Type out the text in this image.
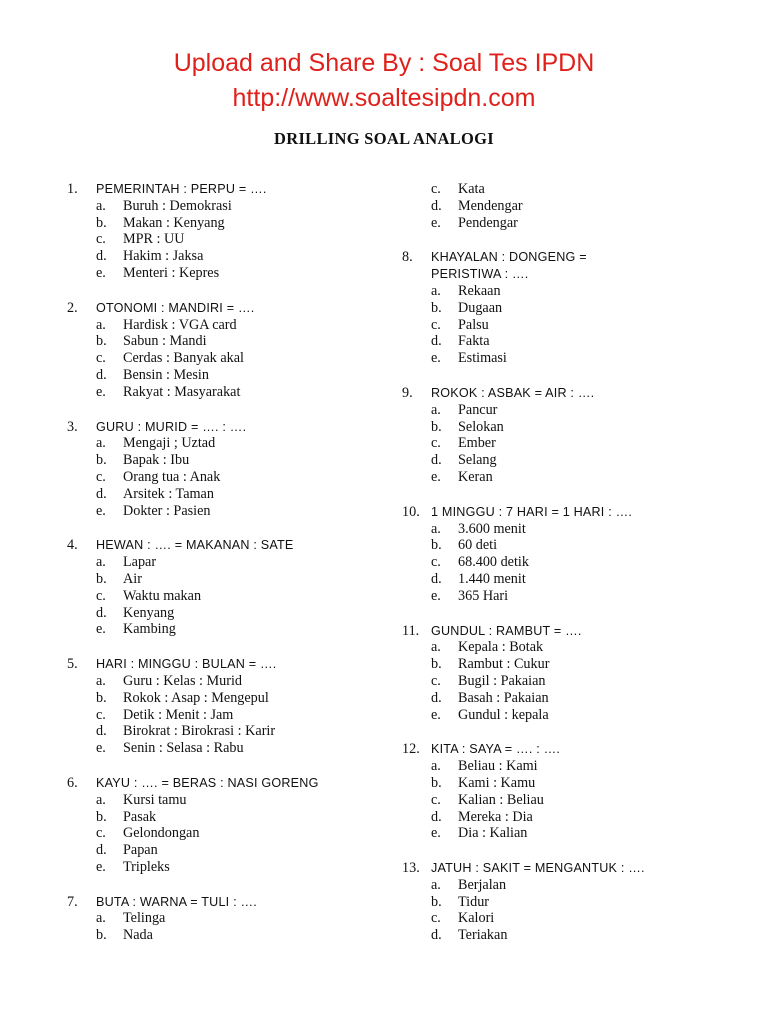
Upload and Share By : Soal Tes IPDN
http://www.soaltesipdn.com
DRILLING SOAL ANALOGI
1. PEMERINTAH : PERPU = ….
a. Buruh : Demokrasi
b. Makan : Kenyang
c. MPR : UU
d. Hakim : Jaksa
e. Menteri : Kepres
2. OTONOMI : MANDIRI = ….
a. Hardisk : VGA card
b. Sabun : Mandi
c. Cerdas : Banyak akal
d. Bensin : Mesin
e. Rakyat : Masyarakat
3. GURU : MURID = …. : ….
a. Mengaji ; Uztad
b. Bapak : Ibu
c. Orang tua : Anak
d. Arsitek : Taman
e. Dokter : Pasien
4. HEWAN : …. = MAKANAN : SATE
a. Lapar
b. Air
c. Waktu makan
d. Kenyang
e. Kambing
5. HARI : MINGGU : BULAN = ….
a. Guru : Kelas : Murid
b. Rokok : Asap : Mengepul
c. Detik : Menit : Jam
d. Birokrat : Birokrasi : Karir
e. Senin : Selasa : Rabu
6. KAYU : …. = BERAS : NASI GORENG
a. Kursi tamu
b. Pasak
c. Gelondongan
d. Papan
e. Tripleks
7. BUTA : WARNA = TULI : ….
a. Telinga
b. Nada
c. Kata
d. Mendengar
e. Pendengar
8. KHAYALAN : DONGENG =
PERISTIWA : ….
a. Rekaan
b. Dugaan
c. Palsu
d. Fakta
e. Estimasi
9. ROKOK : ASBAK = AIR : ….
a. Pancur
b. Selokan
c. Ember
d. Selang
e. Keran
10. 1 MINGGU : 7 HARI = 1 HARI : ….
a. 3.600 menit
b. 60 deti
c. 68.400 detik
d. 1.440 menit
e. 365 Hari
11. GUNDUL : RAMBUT = ….
a. Kepala : Botak
b. Rambut : Cukur
c. Bugil : Pakaian
d. Basah : Pakaian
e. Gundul : kepala
12. KITA : SAYA = …. : ….
a. Beliau : Kami
b. Kami : Kamu
c. Kalian : Beliau
d. Mereka : Dia
e. Dia : Kalian
13. JATUH : SAKIT = MENGANTUK : ….
a. Berjalan
b. Tidur
c. Kalori
d. Teriakan
